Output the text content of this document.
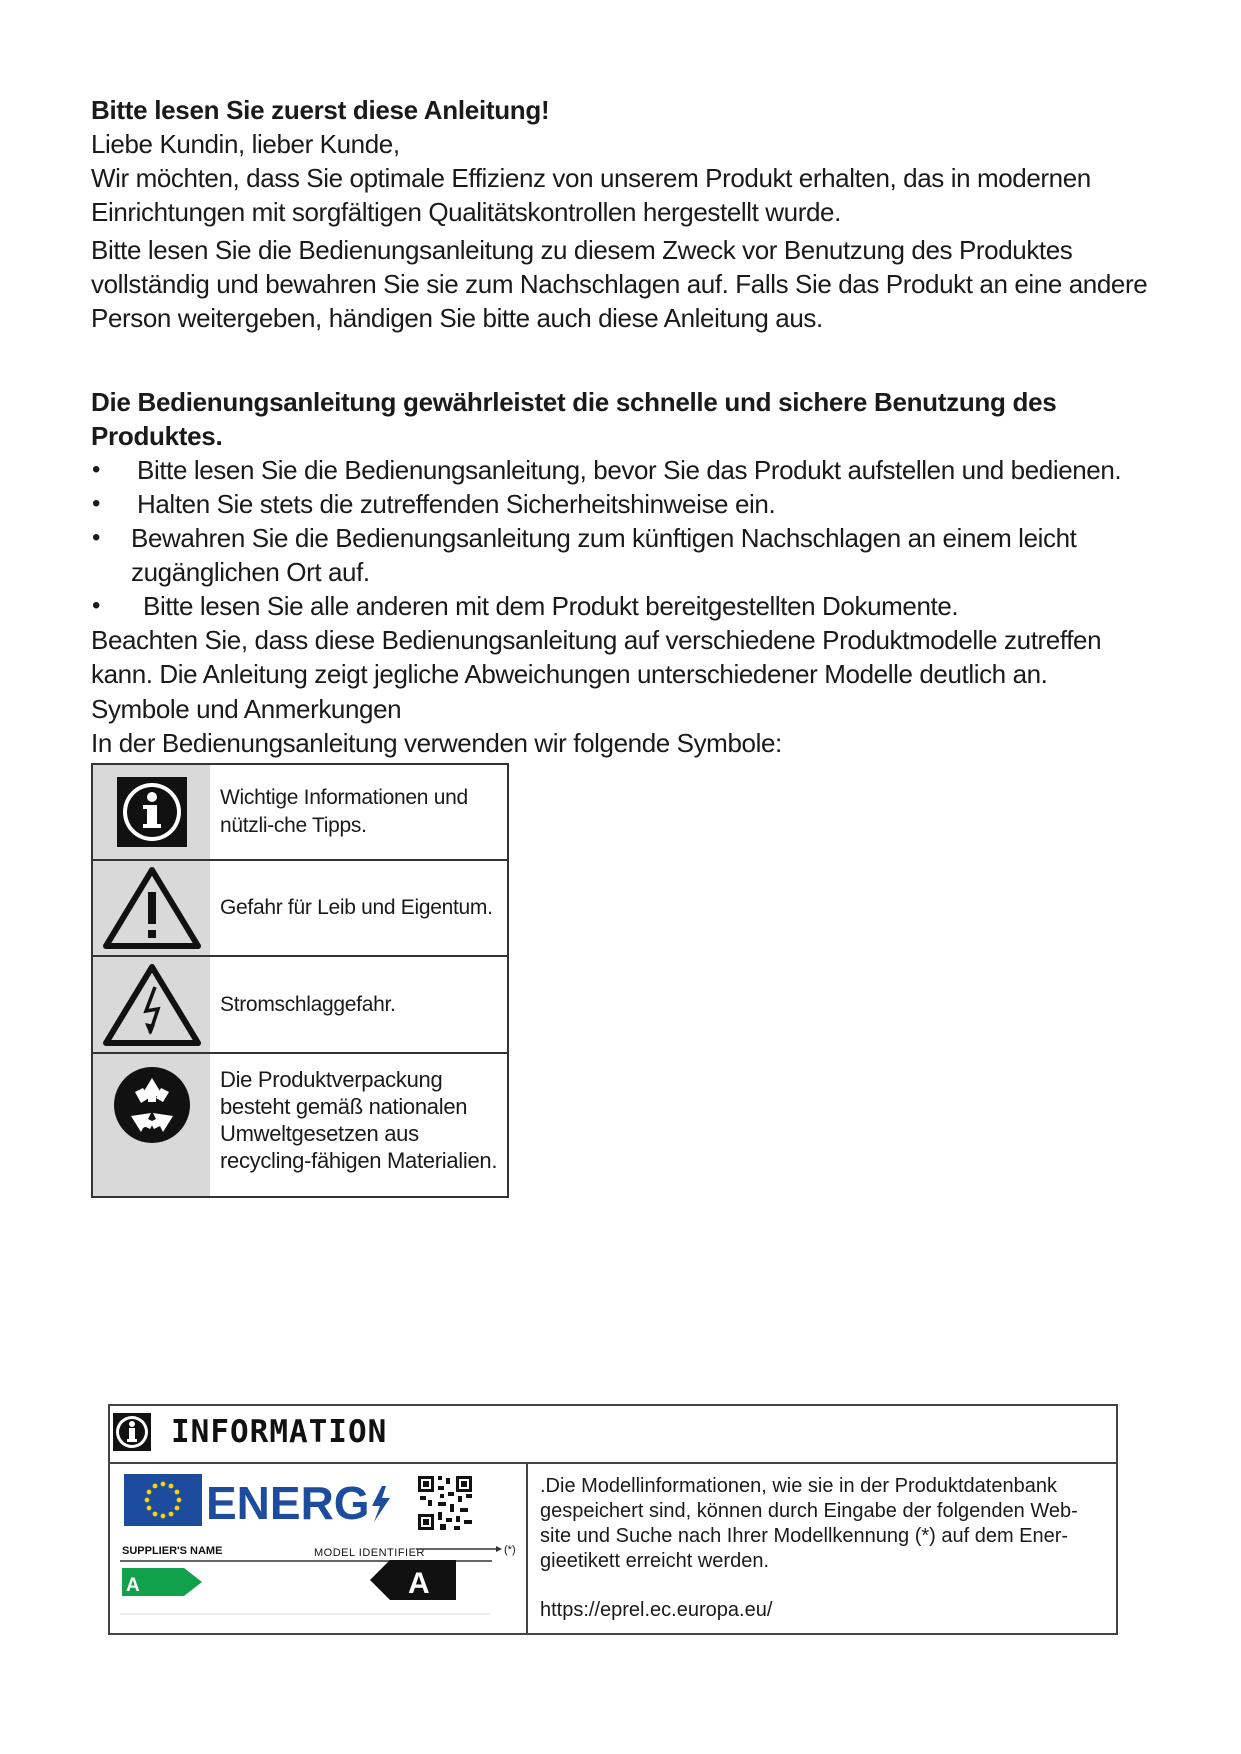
Bitte lesen Sie zuerst diese Anleitung!

Liebe Kundin, lieber Kunde,

Wir möchten, dass Sie optimale Effizienz von unserem Produkt erhalten, das in modernen Einrichtungen mit sorgfältigen Qualitätskontrollen hergestellt wurde.

Bitte lesen Sie die Bedienungsanleitung zu diesem Zweck vor Benutzung des Produktes vollständig und bewahren Sie sie zum Nachschlagen auf. Falls Sie das Produkt an eine andere Person weitergeben, händigen Sie bitte auch diese Anleitung aus.

Die Bedienungsanleitung gewährleistet die schnelle und sichere Benutzung des Produktes.

• Bitte lesen Sie die Bedienungsanleitung, bevor Sie das Produkt aufstellen und bedienen.
• Halten Sie stets die zutreffenden Sicherheitshinweise ein.
• Bewahren Sie die Bedienungsanleitung zum künftigen Nachschlagen an einem leicht zugänglichen Ort auf.
• Bitte lesen Sie alle anderen mit dem Produkt bereitgestellten Dokumente.

Beachten Sie, dass diese Bedienungsanleitung auf verschiedene Produktmodelle zutreffen kann. Die Anleitung zeigt jegliche Abweichungen unterschiedener Modelle deutlich an.

Symbole und Anmerkungen

In der Bedienungsanleitung verwenden wir folgende Symbole:

Wichtige Informationen und nützli-che Tipps.
Gefahr für Leib und Eigentum.
Stromschlaggefahr.
Die Produktverpackung besteht gemäß nationalen Umweltgesetzen aus recycling-fähigen Materialien.
INFORMATION
ENERG
SUPPLIER'S NAME	MODEL IDENTIFIER	(*)
A	A

.Die Modellinformationen, wie sie in der Produktdatenbank gespeichert sind, können durch Eingabe der folgenden Web-site und Suche nach Ihrer Modellkennung (*) auf dem Ener-gieetikett erreicht werden.

https://eprel.ec.europa.eu/
